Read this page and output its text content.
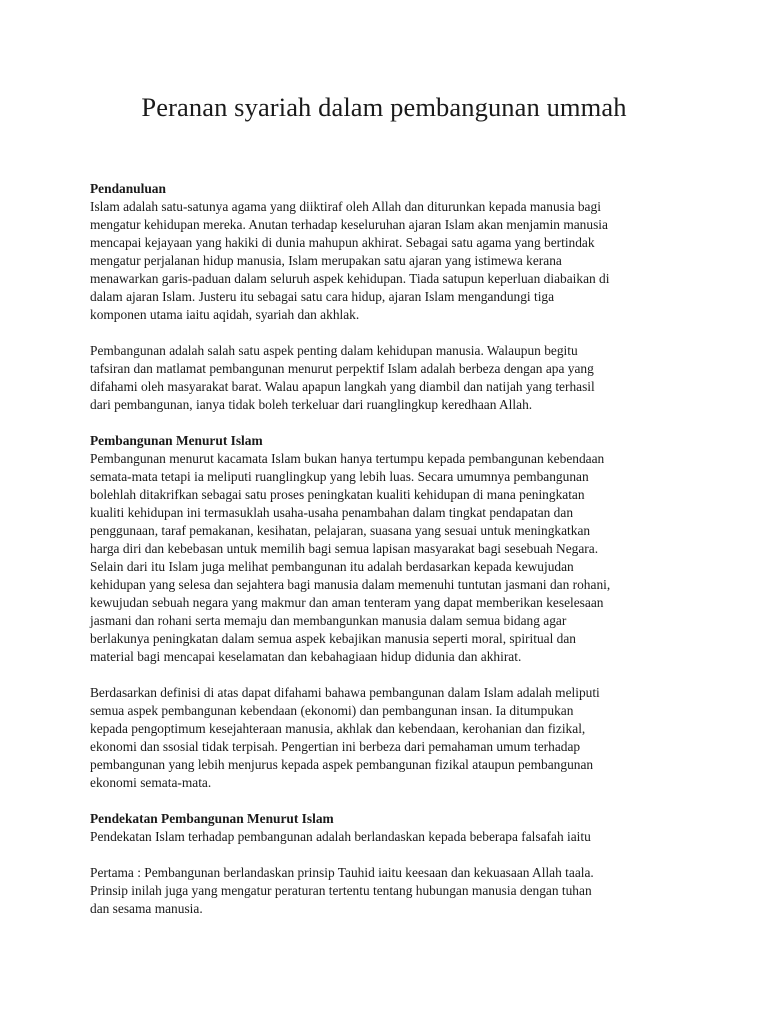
Peranan syariah dalam pembangunan ummah
Pendanuluan
Islam adalah satu-satunya agama yang diiktiraf oleh Allah dan diturunkan kepada manusia bagi
mengatur kehidupan mereka. Anutan terhadap keseluruhan ajaran Islam akan menjamin manusia
mencapai kejayaan yang hakiki di dunia mahupun akhirat. Sebagai satu agama yang bertindak
mengatur perjalanan hidup manusia, Islam merupakan satu ajaran yang istimewa kerana
menawarkan garis-paduan dalam seluruh aspek kehidupan. Tiada satupun keperluan diabaikan di
dalam ajaran Islam. Justeru itu sebagai satu cara hidup, ajaran Islam mengandungi tiga
komponen utama iaitu aqidah, syariah dan akhlak.
Pembangunan adalah salah satu aspek penting dalam kehidupan manusia. Walaupun begitu
tafsiran dan matlamat pembangunan menurut perpektif Islam adalah berbeza dengan apa yang
difahami oleh masyarakat barat. Walau apapun langkah yang diambil dan natijah yang terhasil
dari pembangunan, ianya tidak boleh terkeluar dari ruanglingkup keredhaan Allah.
Pembangunan Menurut Islam
Pembangunan menurut kacamata Islam bukan hanya tertumpu kepada pembangunan kebendaan
semata-mata tetapi ia meliputi ruanglingkup yang lebih luas. Secara umumnya pembangunan
bolehlah ditakrifkan sebagai satu proses peningkatan kualiti kehidupan di mana peningkatan
kualiti kehidupan ini termasuklah usaha-usaha penambahan dalam tingkat pendapatan dan
penggunaan, taraf pemakanan, kesihatan, pelajaran, suasana yang sesuai untuk meningkatkan
harga diri dan kebebasan untuk memilih bagi semua lapisan masyarakat bagi sesebuah Negara.
Selain dari itu Islam juga melihat pembangunan itu adalah berdasarkan kepada kewujudan
kehidupan yang selesa dan sejahtera bagi manusia dalam memenuhi tuntutan jasmani dan rohani,
kewujudan sebuah negara yang makmur dan aman tenteram yang dapat memberikan keselesaan
jasmani dan rohani serta memaju dan membangunkan manusia dalam semua bidang agar
berlakunya peningkatan dalam semua aspek kebajikan manusia seperti moral, spiritual dan
material bagi mencapai keselamatan dan kebahagiaan hidup didunia dan akhirat.
Berdasarkan definisi di atas dapat difahami bahawa pembangunan dalam Islam adalah meliputi
semua aspek pembangunan kebendaan (ekonomi) dan pembangunan insan. Ia ditumpukan
kepada pengoptimum kesejahteraan manusia, akhlak dan kebendaan, kerohanian dan fizikal,
ekonomi dan ssosial tidak terpisah. Pengertian ini berbeza dari pemahaman umum terhadap
pembangunan yang lebih menjurus kepada aspek pembangunan fizikal ataupun pembangunan
ekonomi semata-mata.
Pendekatan Pembangunan Menurut Islam
Pendekatan Islam terhadap pembangunan adalah berlandaskan kepada beberapa falsafah iaitu
Pertama : Pembangunan berlandaskan prinsip Tauhid iaitu keesaan dan kekuasaan Allah taala.
Prinsip inilah juga yang mengatur peraturan tertentu tentang hubungan manusia dengan tuhan
dan sesama manusia.
